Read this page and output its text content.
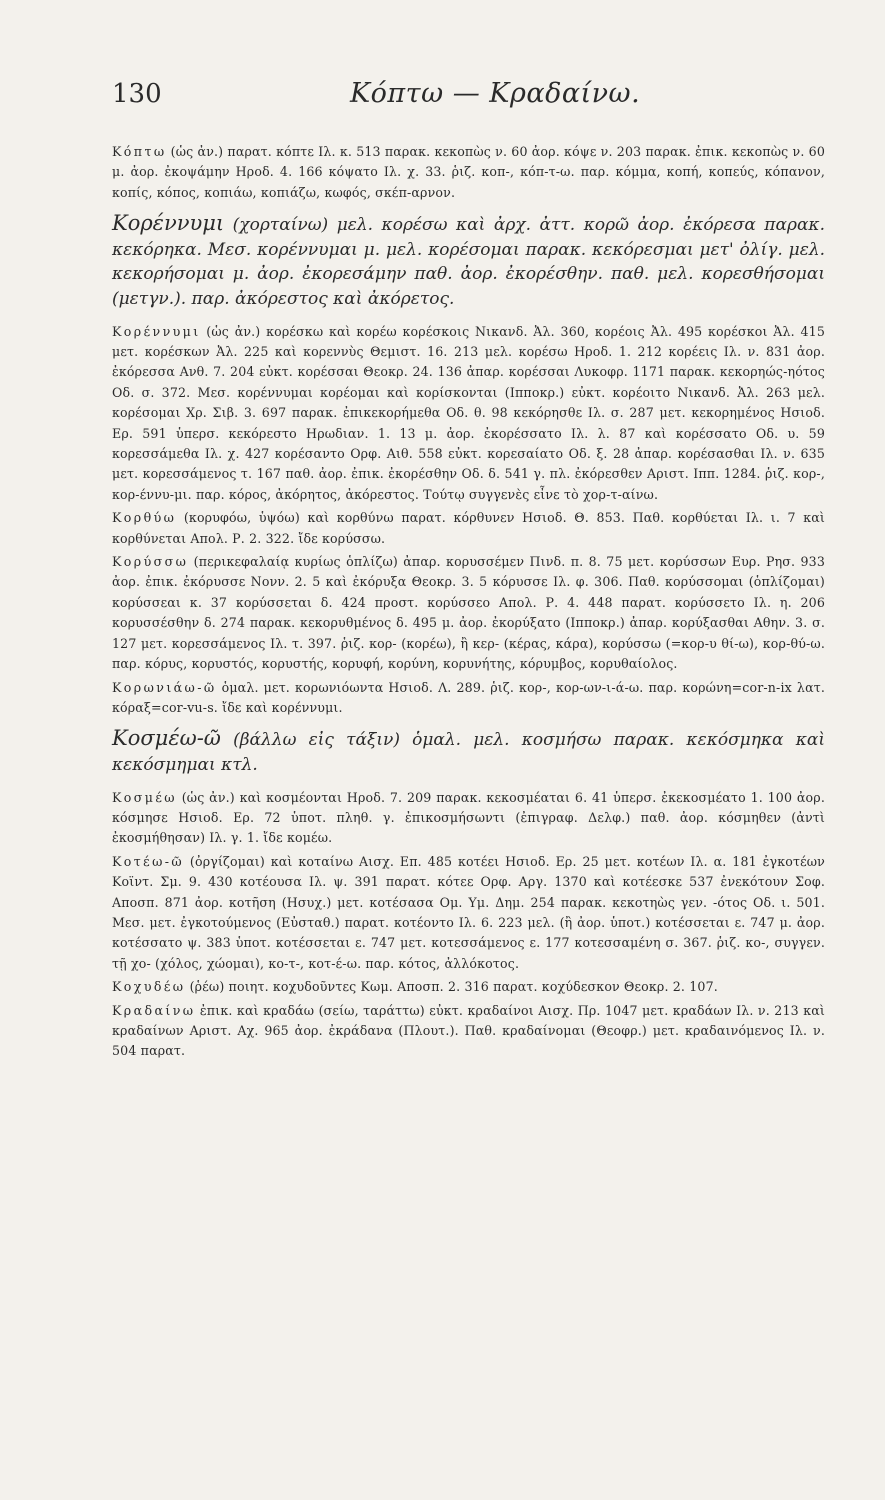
130	Κόπτω — Κραδαίνω.

Κόπτω (ὡς ἀν.) παρατ. κόπτε Ιλ. κ. 513 παρακ. κεκοπὼς ν. 60 ἀορ. κόψε ν. 203 παρακ. ἐπικ. κεκοπὼς ν. 60 μ. ἀορ. ἐκοψάμην Ηροδ. 4. 166 κόψατο Ιλ. χ. 33. ῥιζ. κοπ-, κόπ-τ-ω. παρ. κόμμα, κοπή, κοπεύς, κόπανον, κοπίς, κόπος, κοπιάω, κοπιάζω, κωφός, σκέπ-αρνον.

Κορέννυμι (χορταίνω) μελ. κορέσω καὶ ἀρχ. ἀττ. κορῶ ἀορ. ἐκόρεσα παρακ. κεκόρηκα. Μεσ. κορέννυμαι μ. μελ. κορέσομαι παρακ. κεκόρεσμαι μετ' ὀλίγ. μελ. κεκορήσομαι μ. ἀορ. ἐκορεσάμην παθ. ἀορ. ἐκορέσθην. παθ. μελ. κορεσθήσομαι (μετγν.). παρ. ἀκόρεστος καὶ ἀκόρετος.

Κορέννυμι (ὡς ἀν.) κορέσκω καὶ κορέω κορέσκοις Νικανδ. Ἀλ. 360, κορέοις Ἀλ. 495 κορέσκοι Ἀλ. 415 μετ. κορέσκων Ἀλ. 225 καὶ κορεννὺς Θεμιστ. 16. 213 μελ. κορέσω Ηροδ. 1. 212 κορέεις Ιλ. ν. 831 ἀορ. ἐκόρεσσα Ανθ. 7. 204 εὐκτ. κορέσσαι Θεοκρ. 24. 136 ἀπαρ. κορέσσαι Λυκοφρ. 1171 παρακ. κεκορηώς-ηότος Οδ. σ. 372. Μεσ. κορέννυμαι κορέομαι καὶ κορίσκονται (Ιπποκρ.) εὐκτ. κορέοιτο Νικανδ. Ἀλ. 263 μελ. κορέσομαι Χρ. Σιβ. 3. 697 παρακ. ἐπικεκορήμεθα Οδ. θ. 98 κεκόρησθε Ιλ. σ. 287 μετ. κεκορημένος Ησιοδ. Ερ. 591 ὑπερσ. κεκόρεστο Ηρωδιαν. 1. 13 μ. ἀορ. ἐκορέσσατο Ιλ. λ. 87 καὶ κορέσσατο Οδ. υ. 59 κορεσσάμεθα Ιλ. χ. 427 κορέσαντο Ορφ. Αιθ. 558 εὐκτ. κορεσαίατο Οδ. ξ. 28 ἀπαρ. κορέσασθαι Ιλ. ν. 635 μετ. κορεσσάμενος τ. 167 παθ. ἀορ. ἐπικ. ἐκορέσθην Οδ. δ. 541 γ. πλ. ἐκόρεσθεν Αριστ. Ιππ. 1284. ῥιζ. κορ-, κορ-έννυ-μι. παρ. κόρος, ἀκόρητος, ἀκόρεστος. Τούτῳ συγγενὲς εἶνε τὸ χορ-τ-αίνω.

Κορθύω (κορυφόω, ὑψόω) καὶ κορθύνω παρατ. κόρθυνεν Ησιοδ. Θ. 853. Παθ. κορθύεται Ιλ. ι. 7 καὶ κορθύνεται Απολ. Ρ. 2. 322. ἴδε κορύσσω.

Κορύσσω (περικεφαλαίᾳ κυρίως ὁπλίζω) ἀπαρ. κορυσσέμεν Πινδ. π. 8. 75 μετ. κορύσσων Ευρ. Ρησ. 933 ἀορ. ἐπικ. ἐκόρυσσε Νονν. 2. 5 καὶ ἐκόρυξα Θεοκρ. 3. 5 κόρυσσε Ιλ. φ. 306. Παθ. κορύσσομαι (ὁπλίζομαι) κορύσσεαι κ. 37 κορύσσεται δ. 424 προστ. κορύσσεο Απολ. Ρ. 4. 448 παρατ. κορύσσετο Ιλ. η. 206 κορυσσέσθην δ. 274 παρακ. κεκορυθμένος δ. 495 μ. ἀορ. ἐκορύξατο (Ιπποκρ.) ἀπαρ. κορύξασθαι Αθην. 3. σ. 127 μετ. κορεσσάμενος Ιλ. τ. 397. ῥιζ. κορ- (κορέω), ἢ κερ- (κέρας, κάρα), κορύσσω (=κορ-υ θί-ω), κορ-θύ-ω. παρ. κόρυς, κορυστός, κορυστής, κορυφή, κορύνη, κορυνήτης, κόρυμβος, κορυθαίολος.

Κορωνιάω-ῶ ὁμαλ. μετ. κορωνιόωντα Ησιοδ. Λ. 289. ῥιζ. κορ-, κορ-ων-ι-ά-ω. παρ. κορώνη=cor-n-ix λατ. κόραξ=cor-vu-s. ἴδε καὶ κορέννυμι.

Κοσμέω-ῶ (βάλλω εἰς τάξιν) ὁμαλ. μελ. κοσμήσω παρακ. κεκόσμηκα καὶ κεκόσμημαι κτλ.

Κοσμέω (ὡς ἀν.) καὶ κοσμέονται Ηροδ. 7. 209 παρακ. κεκοσμέαται 6. 41 ὑπερσ. ἐκεκοσμέατο 1. 100 ἀορ. κόσμησε Ησιοδ. Ερ. 72 ὑποτ. πληθ. γ. ἐπικοσμήσωντι (ἐπιγραφ. Δελφ.) παθ. ἀορ. κόσμηθεν (ἀντὶ ἐκοσμήθησαν) Ιλ. γ. 1. ἴδε κομέω.

Κοτέω-ῶ (ὀργίζομαι) καὶ κοταίνω Αισχ. Επ. 485 κοτέει Ησιοδ. Ερ. 25 μετ. κοτέων Ιλ. α. 181 ἐγκοτέων Κοϊντ. Σμ. 9. 430 κοτέουσα Ιλ. ψ. 391 παρατ. κότεε Ορφ. Αργ. 1370 καὶ κοτέεσκε 537 ἐνεκότουν Σοφ. Αποσπ. 871 ἀορ. κοτῆση (Ησυχ.) μετ. κοτέσασα Ομ. Υμ. Δημ. 254 παρακ. κεκοτηὼς γεν. -ότος Οδ. ι. 501. Μεσ. μετ. ἐγκοτούμενος (Εὐσταθ.) παρατ. κοτέοντο Ιλ. 6. 223 μελ. (ἢ ἀορ. ὑποτ.) κοτέσσεται ε. 747 μ. ἀορ. κοτέσσατο ψ. 383 ὑποτ. κοτέσσεται ε. 747 μετ. κοτεσσάμενος ε. 177 κοτεσσαμένη σ. 367. ῥιζ. κο-, συγγεν. τῇ χο- (χόλος, χώομαι), κο-τ-, κοτ-έ-ω. παρ. κότος, ἀλλόκοτος.

Κοχυδέω (ῥέω) ποιητ. κοχυδοῦντες Κωμ. Αποσπ. 2. 316 παρατ. κοχύδεσκον Θεοκρ. 2. 107.

Κραδαίνω ἐπικ. καὶ κραδάω (σείω, ταράττω) εὐκτ. κραδαίνοι Αισχ. Πρ. 1047 μετ. κραδάων Ιλ. ν. 213 καὶ κραδαίνων Αριστ. Αχ. 965 ἀορ. ἐκράδανα (Πλουτ.). Παθ. κραδαίνομαι (Θεοφρ.) μετ. κραδαινόμενος Ιλ. ν. 504 παρατ.
